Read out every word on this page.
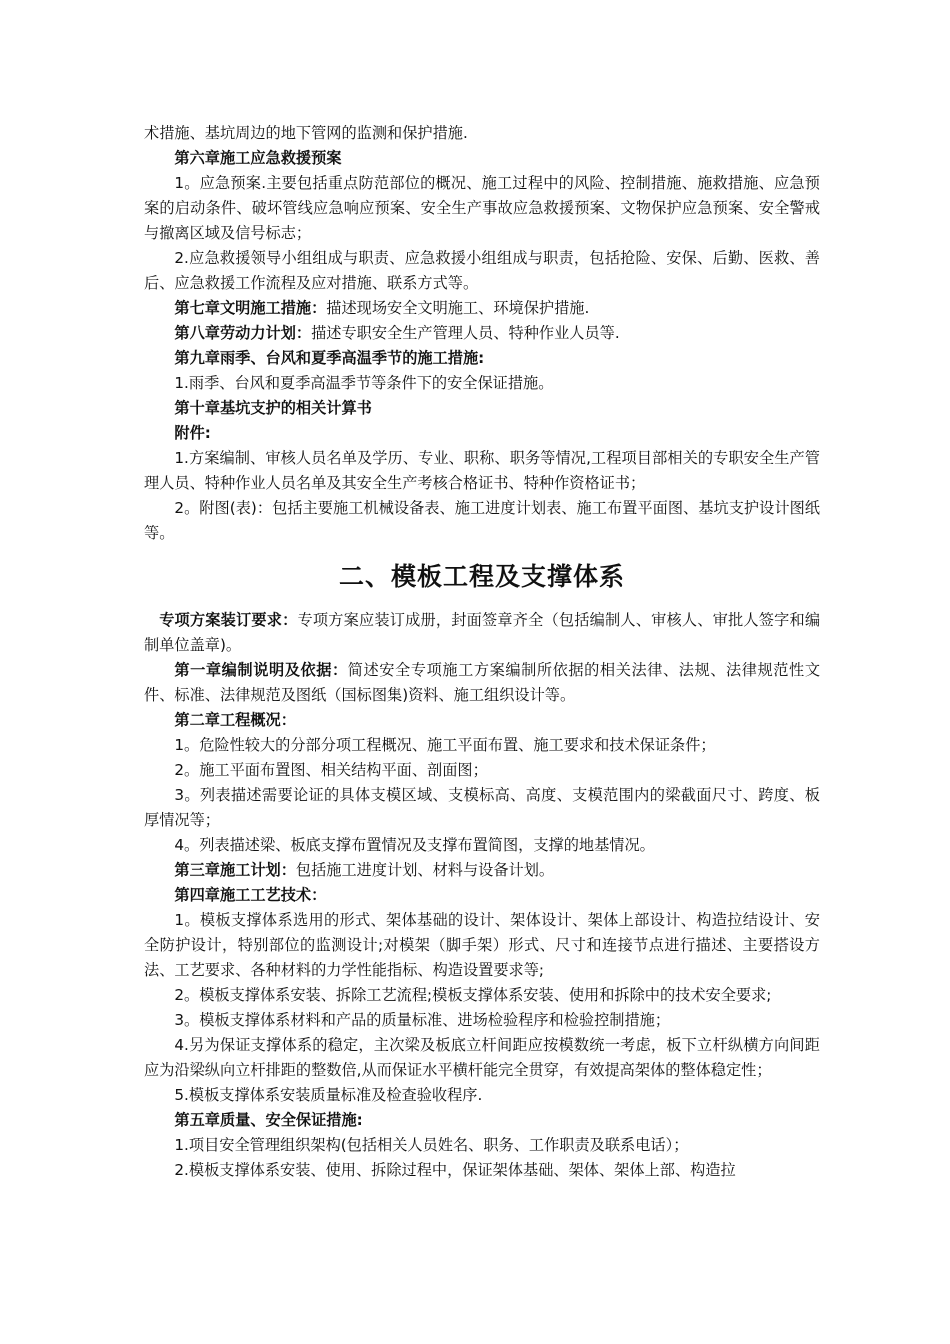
术措施、基坑周边的地下管网的监测和保护措施.

第六章施工应急救援预案

1。应急预案.主要包括重点防范部位的概况、施工过程中的风险、控制措施、施救措施、应急预案的启动条件、破坏管线应急响应预案、安全生产事故应急救援预案、文物保护应急预案、安全警戒与撤离区域及信号标志；

2.应急救援领导小组组成与职责、应急救援小组组成与职责，包括抢险、安保、后勤、医救、善后、应急救援工作流程及应对措施、联系方式等。

第七章文明施工措施：描述现场安全文明施工、环境保护措施.

第八章劳动力计划：描述专职安全生产管理人员、特种作业人员等.

第九章雨季、台风和夏季高温季节的施工措施:

1.雨季、台风和夏季高温季节等条件下的安全保证措施。

第十章基坑支护的相关计算书

附件:

1.方案编制、审核人员名单及学历、专业、职称、职务等情况,工程项目部相关的专职安全生产管理人员、特种作业人员名单及其安全生产考核合格证书、特种作资格证书；

2。附图(表)：包括主要施工机械设备表、施工进度计划表、施工布置平面图、基坑支护设计图纸等。

二、模板工程及支撑体系

专项方案装订要求：专项方案应装订成册，封面签章齐全（包括编制人、审核人、审批人签字和编制单位盖章)。

第一章编制说明及依据：简述安全专项施工方案编制所依据的相关法律、法规、法律规范性文件、标准、法律规范及图纸（国标图集)资料、施工组织设计等。

第二章工程概况：

1。危险性较大的分部分项工程概况、施工平面布置、施工要求和技术保证条件；

2。施工平面布置图、相关结构平面、剖面图；

3。列表描述需要论证的具体支模区域、支模标高、高度、支模范围内的梁截面尺寸、跨度、板厚情况等；

4。列表描述梁、板底支撑布置情况及支撑布置简图，支撑的地基情况。

第三章施工计划：包括施工进度计划、材料与设备计划。

第四章施工工艺技术：

1。模板支撑体系选用的形式、架体基础的设计、架体设计、架体上部设计、构造拉结设计、安全防护设计，特别部位的监测设计;对模架（脚手架）形式、尺寸和连接节点进行描述、主要搭设方法、工艺要求、各种材料的力学性能指标、构造设置要求等;

2。模板支撑体系安装、拆除工艺流程;模板支撑体系安装、使用和拆除中的技术安全要求;

3。模板支撑体系材料和产品的质量标准、进场检验程序和检验控制措施；

4.另为保证支撑体系的稳定，主次梁及板底立杆间距应按模数统一考虑，板下立杆纵横方向间距应为沿梁纵向立杆排距的整数倍,从而保证水平横杆能完全贯穿，有效提高架体的整体稳定性；

5.模板支撑体系安装质量标准及检查验收程序.

第五章质量、安全保证措施:

1.项目安全管理组织架构(包括相关人员姓名、职务、工作职责及联系电话）；

2.模板支撑体系安装、使用、拆除过程中，保证架体基础、架体、架体上部、构造拉
